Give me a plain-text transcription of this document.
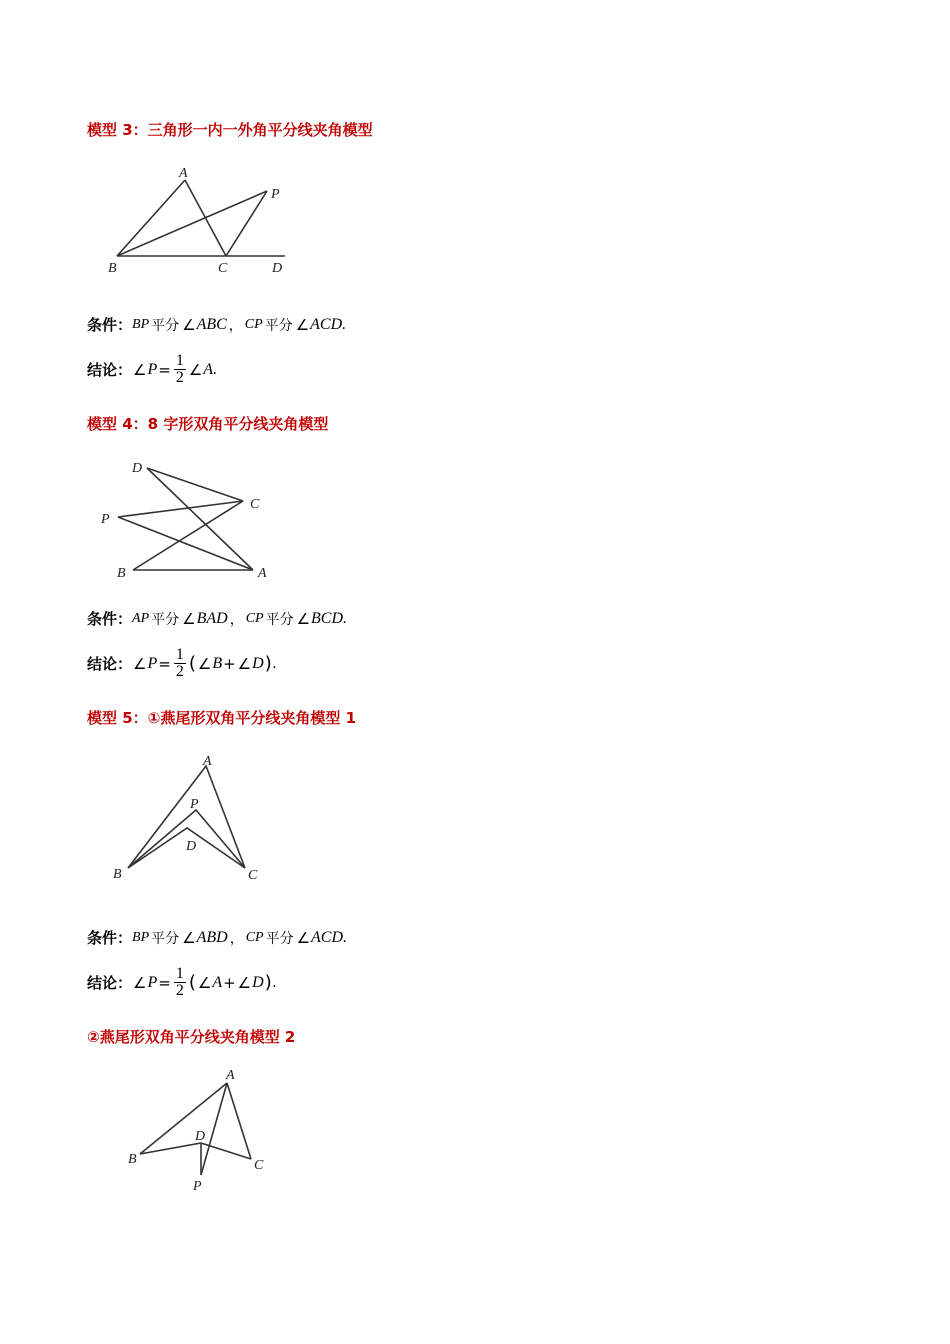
模型 3：三角形一内一外角平分线夹角模型
A
P
B	C	D
条件： BP 平分 ∠ ABC ， CP 平分 ∠ ACD .
结论： ∠ $P = \frac{1}{2}$ ∠ A .
模型 4：8 字形双角平分线夹角模型
D
C
P
B	A
条件： AP 平分 ∠ BAD ， CP 平分 ∠ BCD .
结论： ∠ $P = \frac{1}{2}$ ( ∠ B + ∠ D ) .
模型 5：①燕尾形双角平分线夹角模型 1
A
P
D
B	C
条件： BP 平分 ∠ ABD ， CP 平分 ∠ ACD .
结论： ∠ $P = \frac{1}{2}$ ( ∠ A + ∠ D ) .
②燕尾形双角平分线夹角模型 2
A
D
B	C
P
